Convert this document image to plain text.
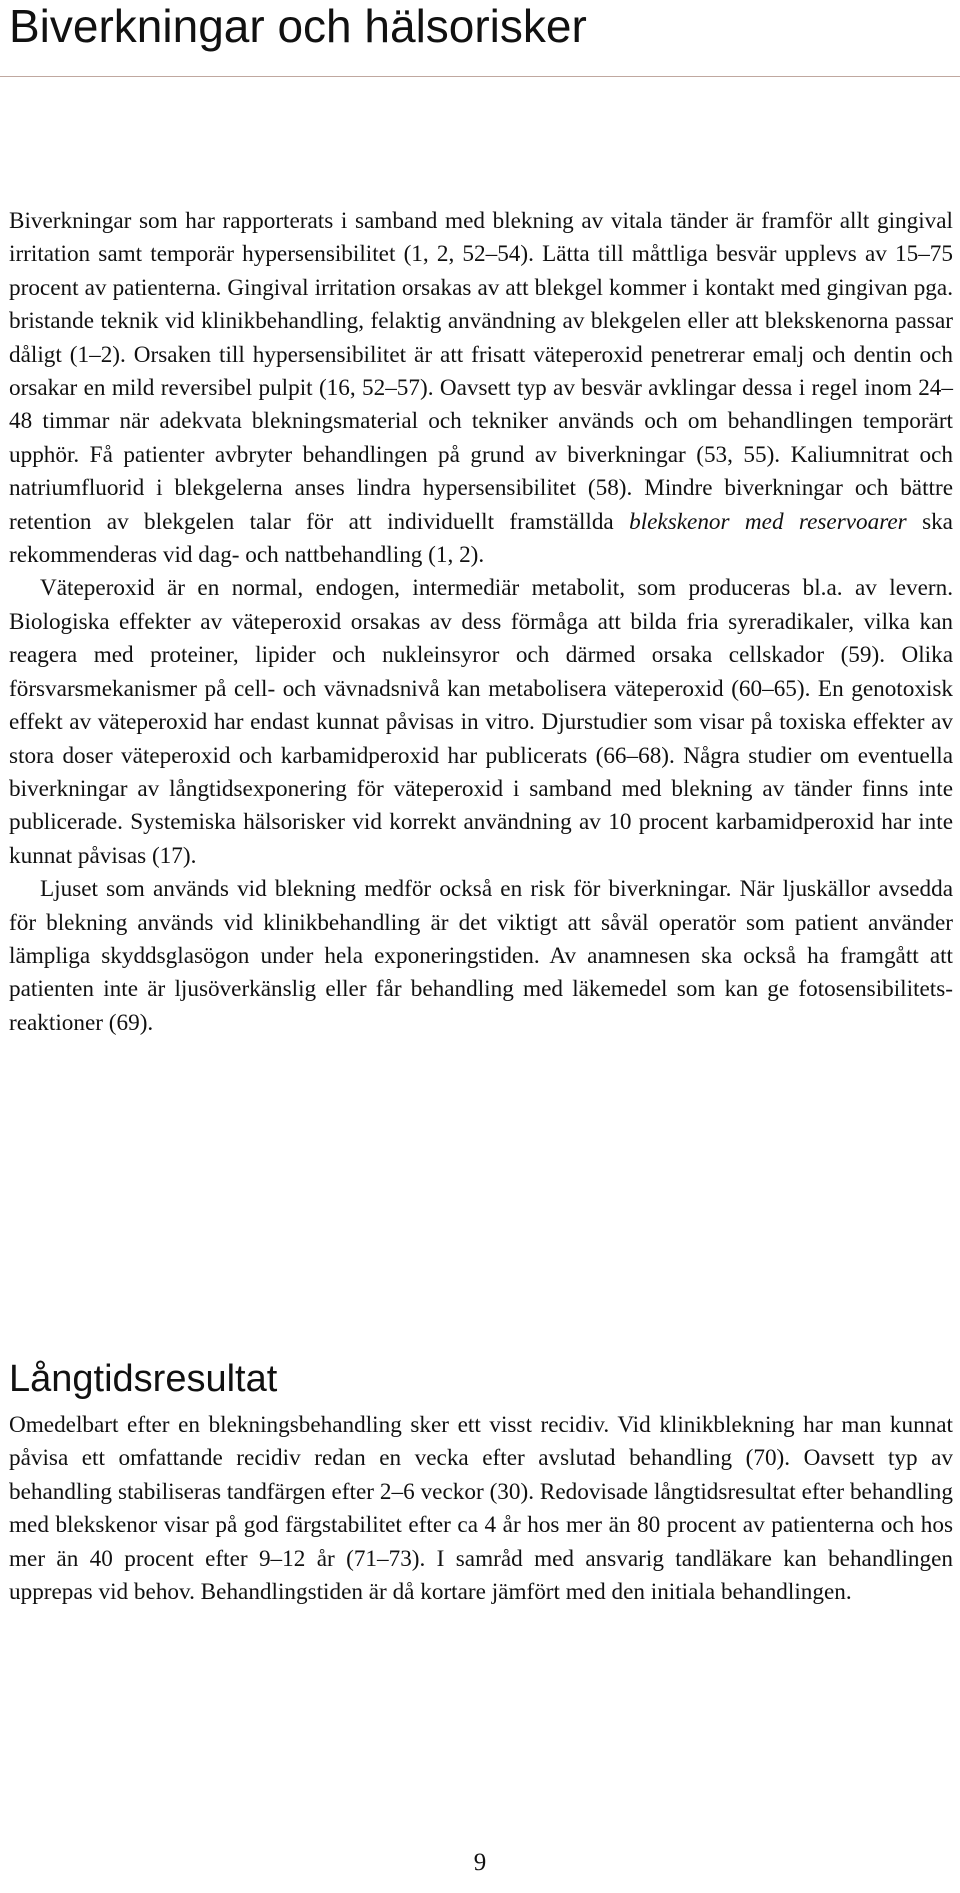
Biverkningar och hälsorisker

Biverkningar som har rapporterats i samband med blekning av vitala tänder är framför allt gingival irritation samt temporär hypersensibilitet (1, 2, 52–54). Lätta till måttliga besvär upplevs av 15–75 procent av patienterna. Gingival irritation orsakas av att blekgel kommer i kontakt med gingivan pga. bristande teknik vid klinikbehandling, felaktig användning av blekgelen eller att blekskenorna passar dåligt (1–2). Orsaken till hypersensibilitet är att frisatt väteperoxid penetrerar emalj och dentin och orsakar en mild reversibel pulpit (16, 52–57). Oavsett typ av besvär avklingar dessa i regel inom 24–48 timmar när adekvata blekningsmaterial och tekniker används och om behandlingen temporärt upphör. Få patienter avbryter behandlingen på grund av biverkningar (53, 55). Kaliumnitrat och natriumfluorid i blekgelerna anses lindra hypersensibilitet (58). Mindre biverkningar och bättre retention av blekgelen talar för att individuellt framställda blekskenor med reservoarer ska rekommenderas vid dag- och nattbehandling (1, 2).

Väteperoxid är en normal, endogen, intermediär metabolit, som produceras bl.a. av levern. Biologiska effekter av väteperoxid orsakas av dess förmåga att bilda fria syreradikaler, vilka kan reagera med proteiner, lipider och nukleinsyror och därmed orsaka cellskador (59). Olika försvarsmekanismer på cell- och vävnadsnivå kan metabolisera väteperoxid (60–65). En genotoxisk effekt av väteperoxid har endast kunnat påvisas in vitro. Djurstudier som visar på toxiska effekter av stora doser väteperoxid och karbamidperoxid har publicerats (66–68). Några studier om eventuella biverkningar av långtidsexponering för väteperoxid i samband med blekning av tänder finns inte publicerade. Systemiska hälsorisker vid korrekt användning av 10 procent karbamidperoxid har inte kunnat påvisas (17).

Ljuset som används vid blekning medför också en risk för biverkningar. När ljuskällor avsedda för blekning används vid klinikbehandling är det viktigt att såväl operatör som patient använder lämpliga skyddsglasögon under hela exponeringstiden. Av anamnesen ska också ha framgått att patienten inte är ljusöverkänslig eller får behandling med läkemedel som kan ge fotosensibilitets-reaktioner (69).

Långtidsresultat

Omedelbart efter en blekningsbehandling sker ett visst recidiv. Vid klinikblekning har man kunnat påvisa ett omfattande recidiv redan en vecka efter avslutad behandling (70). Oavsett typ av behandling stabiliseras tandfärgen efter 2–6 veckor (30). Redovisade långtidsresultat efter behandling med blekskenor visar på god färgstabilitet efter ca 4 år hos mer än 80 procent av patienterna och hos mer än 40 procent efter 9–12 år (71–73). I samråd med ansvarig tandläkare kan behandlingen upprepas vid behov. Behandlingstiden är då kortare jämfört med den initiala behandlingen.

9
